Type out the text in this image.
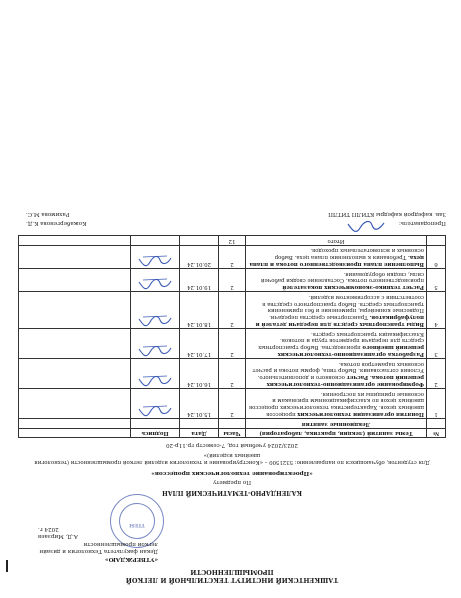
ТАШКЕНТСКИЙ ИНСТИТУТ ТЕКСТИЛЬНОЙ И ЛЕГКОЙ
ПРОМЫШЛЕННОСТИ
TTESI
«УТВЕРЖДАЮ»
Декан факультета Технология и дизайн
легкой промышленности
А.Д. Мирзаев
2024 г.
КАЛЕНДАРНО-ТЕМАТИЧЕСКИЙ ПЛАН
По предмету
«Проектирование технологических процессов»
Для студентов, обучающихся по направлению: 5321500 – «Конструирование и технология изделий легкой промышленности (технология швейных изделий)»
2023/2024 учебный год, 7-семестр гр.11р-20
№	Темы занятий (лекции, практика, лаборатория)	Часы	Дата	Подпись	
	Лекционные занятия				
1	Понятия организации технологических процессов швейных цехов. Характеристика технологических процессов швейных цехов по классификационным признакам и основные принципы их построения.	2	15.01.24	

2	Формирование организационно-технологических решений потока. Расчет основного и дополнительного. Условия согласования. Выбор типа, формы потока и расчет основных параметров потока.	2	16.01.24	

3	Разработка организационно-технологических решений швейного производства. Выбор транспортных средств для передачи предметов труда и потоков. Классификация транспортных средств.	2	17.01.24	

4	Виды транспортных средств для передачи деталей и полуфабрикатов. Транспортные средства передачи. Подвесные конвейеры, применение и без применения транспортных средств. Выбор транспортного средства в соответствии с ассортиментом изделий.	2	18.01.24	

5	Расчет технико-экономических показателей производственного потока. Составление сводки рабочей силы, сводки оборудования.	2	19.01.24	

6	Выполнение плана производственного потока и плана цеха. Требования к выполнению плана цеха. Выбор основных и вспомогательных проходов.	2	20.01.24	

	Итого	12			
Преподаватель:
Кожабергенова К.Д.
Зав. кафедрой кафедры КТИЛП ТИТЛП
Рахимова М.С.
